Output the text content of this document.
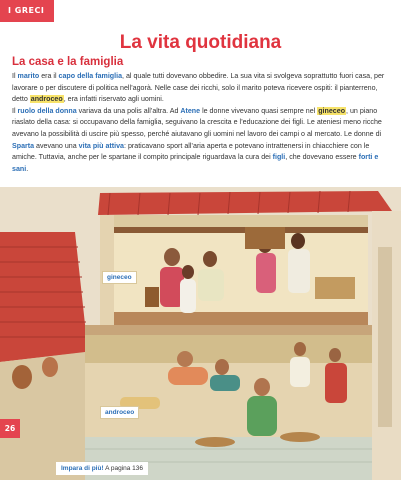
I GRECI
La vita quotidiana
La casa e la famiglia

Il marito era il capo della famiglia, al quale tutti dovevano obbedire. La sua vita si svolgeva soprattutto fuori casa, per lavorare o per discutere di politica nell’agorà. Nelle case dei ricchi, solo il marito poteva ricevere ospiti: il pianterreno, detto androceo, era infatti riservato agli uomini.

Il ruolo della donna variava da una polis all’altra. Ad Atene le donne vivevano quasi sempre nel gineceo, un piano riaslato della casa: si occupavano della famiglia, seguivano la crescita e l’educazione dei figli. Le ateniesi meno ricche avevano la possibilità di uscire più spesso, perché aiutavano gli uomini nel lavoro dei campi o al mercato. Le donne di Sparta avevano una vita più attiva: praticavano sport all’aria aperta e potevano intrattenersi in chiacchiere con le amiche. Tuttavia, anche per le spartane il compito principale riguardava la cura dei figli, che dovevano essere forti e sani.

gineceo
androceo
26
Impara di più! A pagina 136
